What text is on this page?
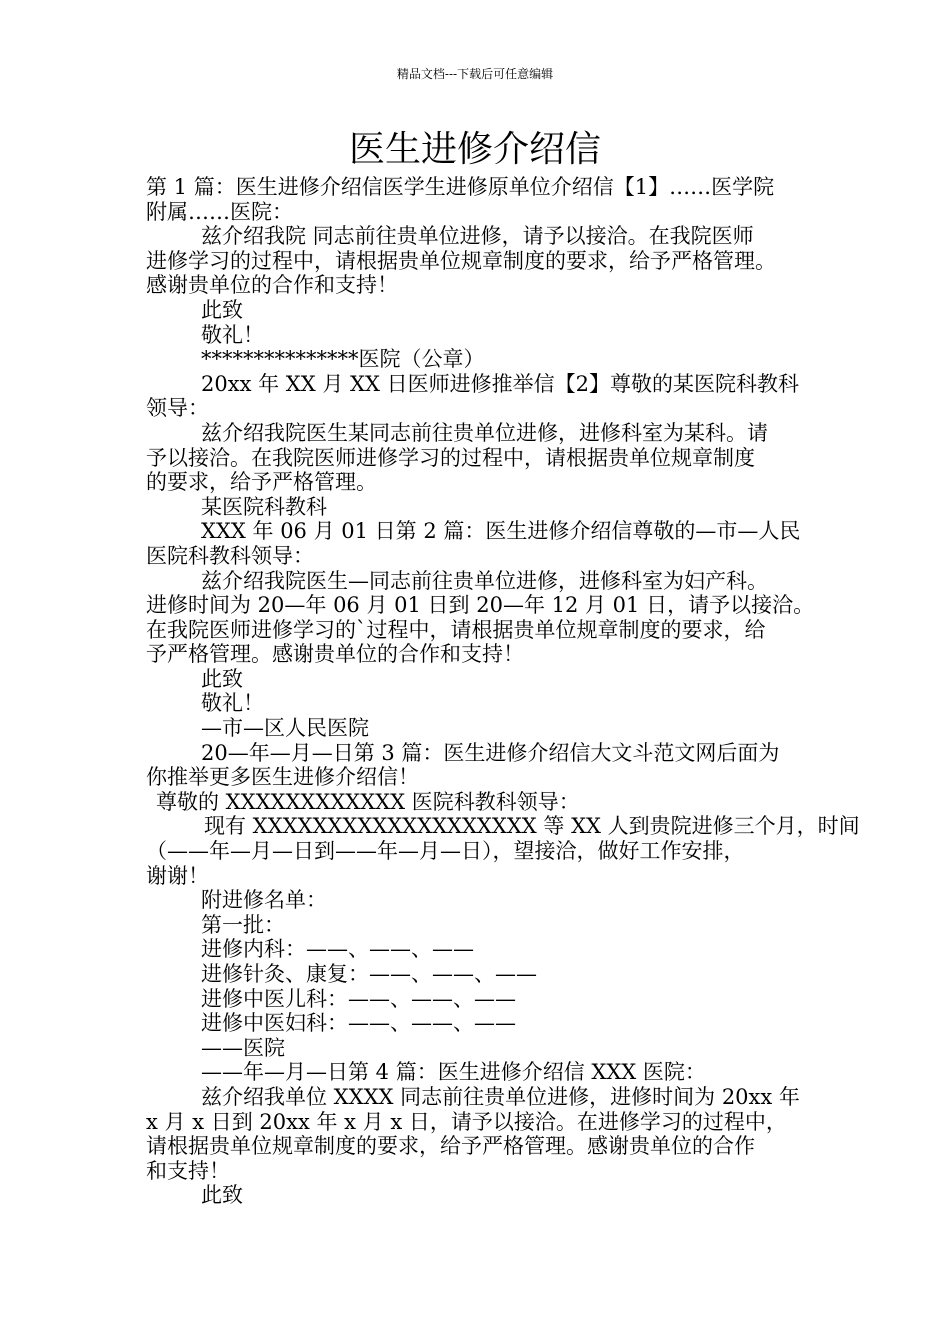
精品文档---下载后可任意编辑
医生进修介绍信

第 1 篇：医生进修介绍信医学生进修原单位介绍信【1】……医学院

附属……医院：

兹介绍我院 同志前往贵单位进修，请予以接洽。在我院医师

进修学习的过程中，请根据贵单位规章制度的要求，给予严格管理。

感谢贵单位的合作和支持！

此致

敬礼！

***************医院（公章）

20xx 年 XX 月 XX 日医师进修推举信【2】尊敬的某医院科教科

领导：

兹介绍我院医生某同志前往贵单位进修，进修科室为某科。请

予以接洽。在我院医师进修学习的过程中，请根据贵单位规章制度

的要求，给予严格管理。

某医院科教科

XXX 年 06 月 01 日第 2 篇：医生进修介绍信尊敬的—市—人民

医院科教科领导：

兹介绍我院医生—同志前往贵单位进修，进修科室为妇产科。

进修时间为 20—年 06 月 01 日到 20—年 12 月 01 日，请予以接洽。

在我院医师进修学习的`过程中，请根据贵单位规章制度的要求，给

予严格管理。感谢贵单位的合作和支持！

此致

敬礼！

—市—区人民医院

20—年—月—日第 3 篇：医生进修介绍信大文斗范文网后面为

你推举更多医生进修介绍信！

尊敬的 XXXXXXXXXXXX 医院科教科领导：

现有 XXXXXXXXXXXXXXXXXXX 等 XX 人到贵院进修三个月，时间

（——年—月—日到——年—月—日），望接洽，做好工作安排，

谢谢！

附进修名单：

第一批：

进修内科：——、——、——

进修针灸、康复：——、——、——

进修中医儿科：——、——、——

进修中医妇科：——、——、——

——医院

——年—月—日第 4 篇：医生进修介绍信 XXX 医院：

兹介绍我单位 XXXX 同志前往贵单位进修，进修时间为 20xx 年

x 月 x 日到 20xx 年 x 月 x 日，请予以接洽。在进修学习的过程中，

请根据贵单位规章制度的要求，给予严格管理。感谢贵单位的合作

和支持！

此致
